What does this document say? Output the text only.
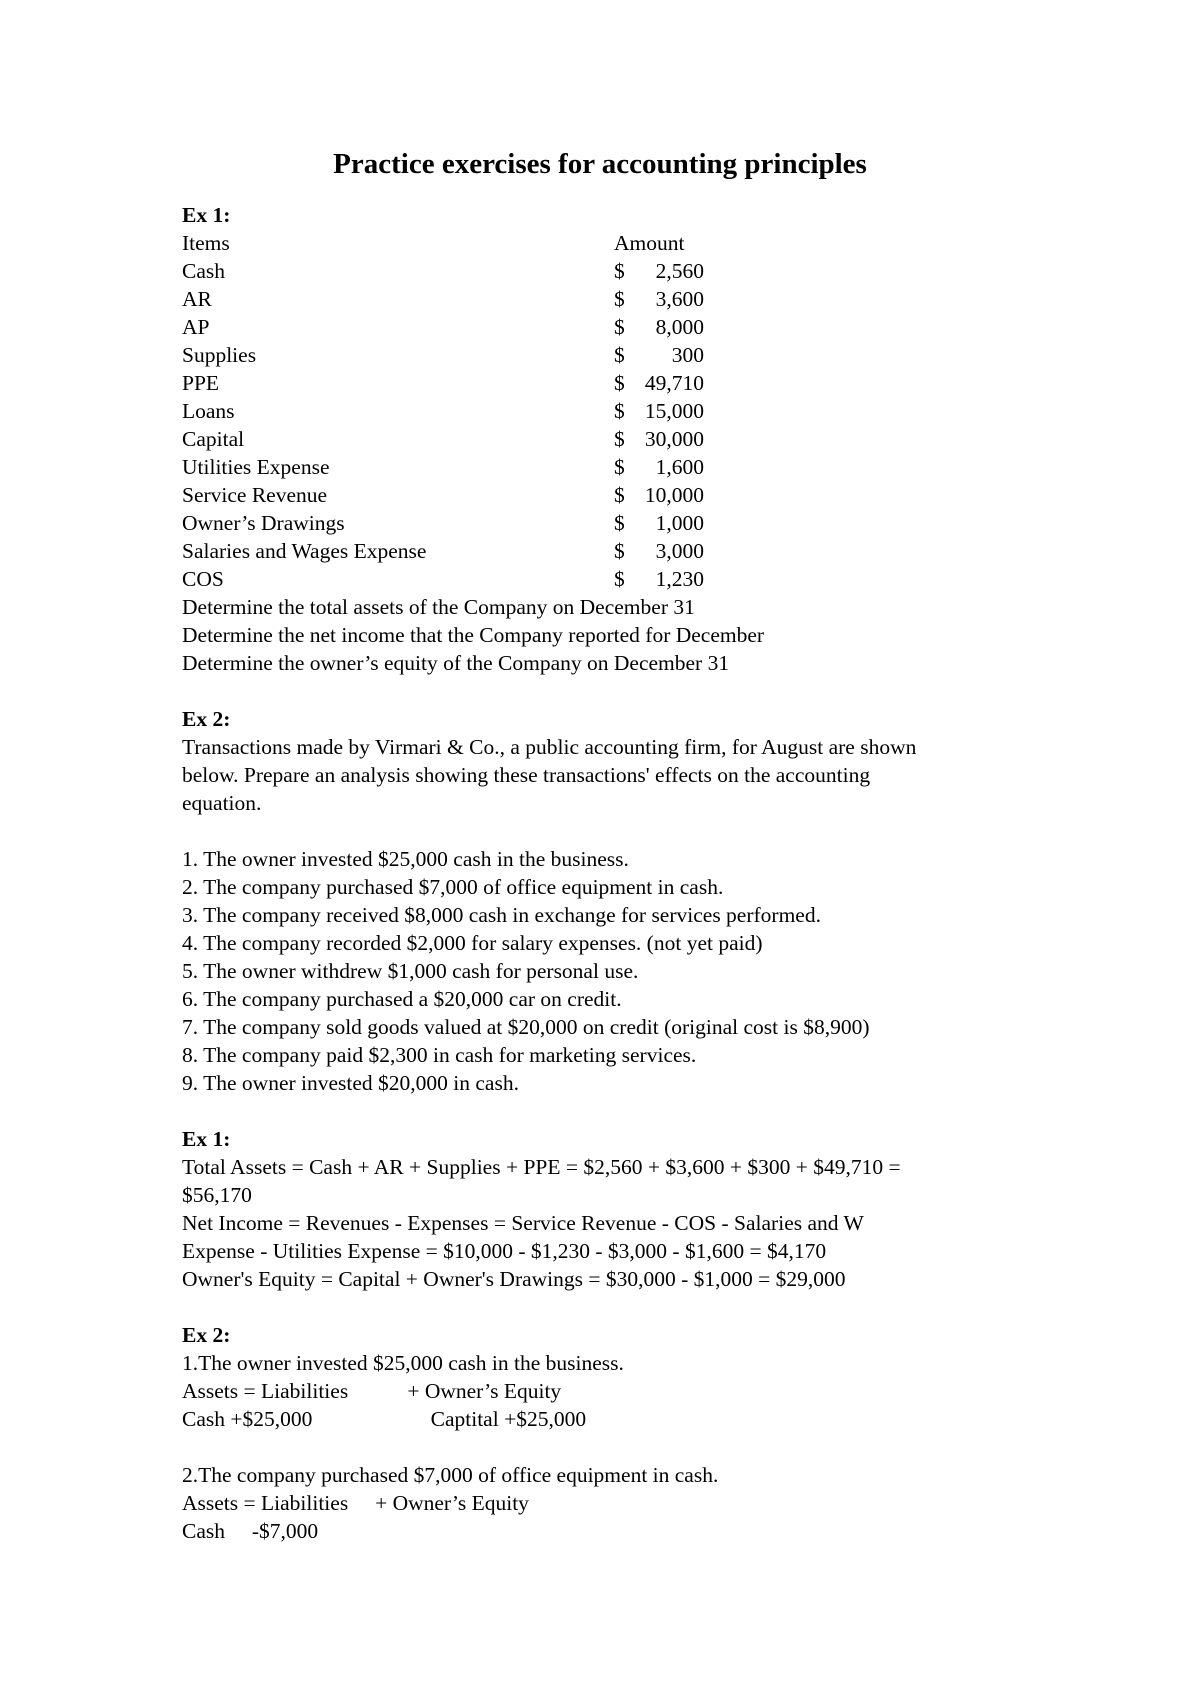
Practice exercises for accounting principles
Ex 1:
Items	Amount
Cash	$	2,560
AR	$	3,600
AP	$	8,000
Supplies	$	300
PPE	$ 49,710
Loans	$ 15,000
Capital	$ 30,000
Utilities Expense	$	1,600
Service Revenue	$ 10,000
Owner’s Drawings	$	1,000
Salaries and Wages Expense	$	3,000
COS	$	1,230
Determine the total assets of the Company on December 31
Determine the net income that the Company reported for December
Determine the owner’s equity of the Company on December 31
Ex 2:
Transactions made by Virmari & Co., a public accounting firm, for August are shown
below. Prepare an analysis showing these transactions' effects on the accounting
equation.
1. The owner invested $25,000 cash in the business.
2. The company purchased $7,000 of office equipment in cash.
3. The company received $8,000 cash in exchange for services performed.
4. The company recorded $2,000 for salary expenses. (not yet paid)
5. The owner withdrew $1,000 cash for personal use.
6. The company purchased a $20,000 car on credit.
7. The company sold goods valued at $20,000 on credit (original cost is $8,900)
8. The company paid $2,300 in cash for marketing services.
9. The owner invested $20,000 in cash.
Ex 1:
Total Assets = Cash + AR + Supplies + PPE = $2,560 + $3,600 + $300 + $49,710 =
$56,170
Net Income = Revenues - Expenses = Service Revenue - COS - Salaries and W
Expense - Utilities Expense = $10,000 - $1,230 - $3,000 - $1,600 = $4,170
Owner's Equity = Capital + Owner's Drawings = $30,000 - $1,000 = $29,000
Ex 2:
1.The owner invested $25,000 cash in the business.
Assets = Liabilities           + Owner’s Equity
Cash +$25,000                      Captital +$25,000
2.The company purchased $7,000 of office equipment in cash.
Assets = Liabilities     + Owner’s Equity
Cash     -$7,000
